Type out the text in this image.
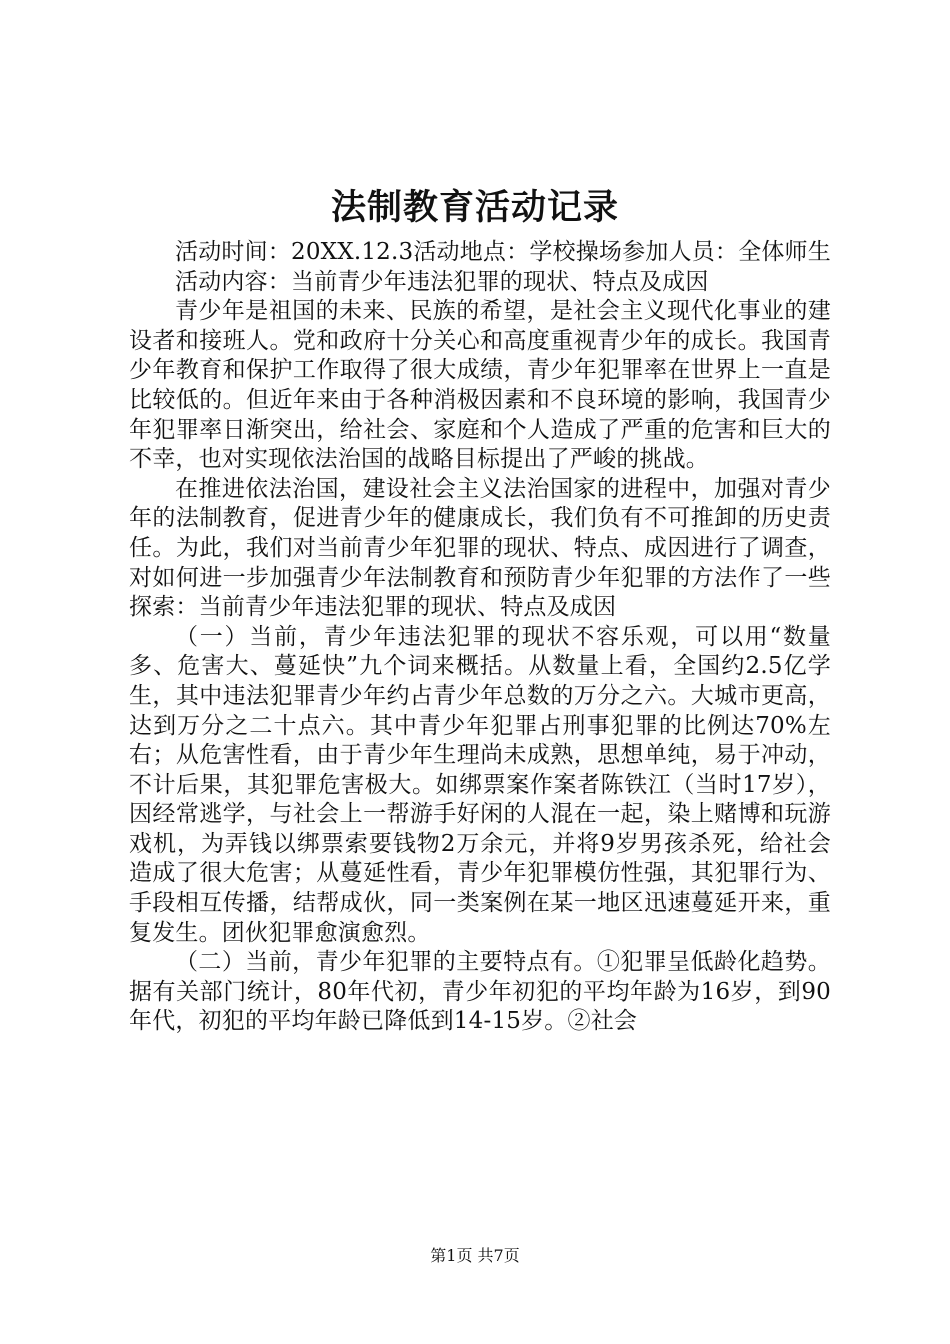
法制教育活动记录

活动时间：20XX.12.3活动地点：学校操场参加人员：全体师生

活动内容：当前青少年违法犯罪的现状、特点及成因

青少年是祖国的未来、民族的希望，是社会主义现代化事业的建设者和接班人。党和政府十分关心和高度重视青少年的成长。我国青少年教育和保护工作取得了很大成绩，青少年犯罪率在世界上一直是比较低的。但近年来由于各种消极因素和不良环境的影响，我国青少年犯罪率日渐突出，给社会、家庭和个人造成了严重的危害和巨大的不幸，也对实现依法治国的战略目标提出了严峻的挑战。

在推进依法治国，建设社会主义法治国家的进程中，加强对青少年的法制教育，促进青少年的健康成长，我们负有不可推卸的历史责任。为此，我们对当前青少年犯罪的现状、特点、成因进行了调查，对如何进一步加强青少年法制教育和预防青少年犯罪的方法作了一些探索：当前青少年违法犯罪的现状、特点及成因

（一）当前，青少年违法犯罪的现状不容乐观，可以用“数量多、危害大、蔓延快”九个词来概括。从数量上看，全国约2.5亿学生，其中违法犯罪青少年约占青少年总数的万分之六。大城市更高，达到万分之二十点六。其中青少年犯罪占刑事犯罪的比例达70%左右；从危害性看，由于青少年生理尚未成熟，思想单纯，易于冲动，不计后果，其犯罪危害极大。如绑票案作案者陈铁江（当时17岁），因经常逃学，与社会上一帮游手好闲的人混在一起，染上赌博和玩游戏机，为弄钱以绑票索要钱物2万余元，并将9岁男孩杀死，给社会造成了很大危害；从蔓延性看，青少年犯罪模仿性强，其犯罪行为、手段相互传播，结帮成伙，同一类案例在某一地区迅速蔓延开来，重复发生。团伙犯罪愈演愈烈。

（二）当前，青少年犯罪的主要特点有。①犯罪呈低龄化趋势。据有关部门统计，80年代初，青少年初犯的平均年龄为16岁，到90年代，初犯的平均年龄已降低到14-15岁。②社会

第1页 共7页
